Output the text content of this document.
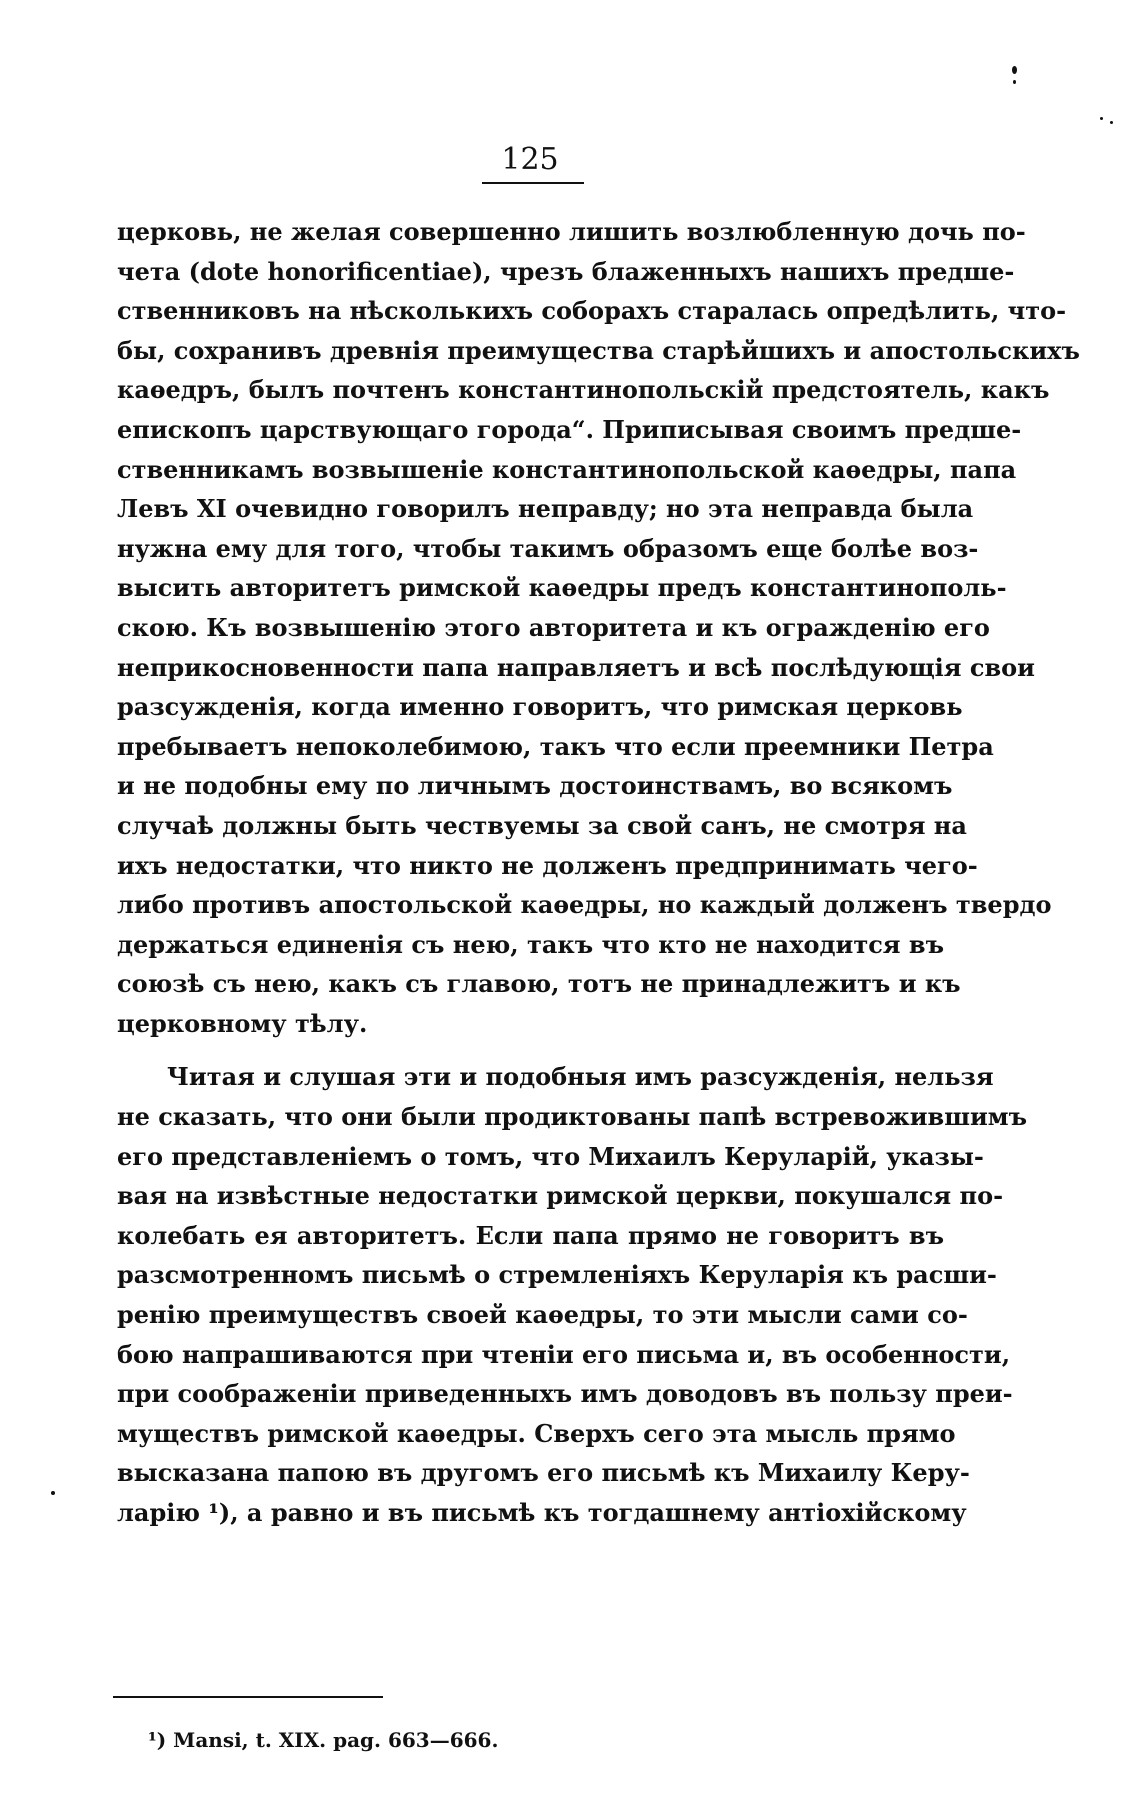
125
церковь, не желая совершенно лишить возлюбленную дочь по-
чета (dote honorificentiae), чрезъ блаженныхъ нашихъ предше-
ственниковъ на нѣсколькихъ соборахъ старалась опредѣлить, что-
бы, сохранивъ древнія преимущества старѣйшихъ и апостольскихъ
каѳедръ, былъ почтенъ константинопольскій предстоятель, какъ
епископъ царствующаго города“. Приписывая своимъ предше-
ственникамъ возвышеніе константинопольской каѳедры, папа
Левъ XI очевидно говорилъ неправду; но эта неправда была
нужна ему для того, чтобы такимъ образомъ еще болѣе воз-
высить авторитетъ римской каѳедры предъ константинополь-
скою. Къ возвышенію этого авторитета и къ огражденію его
неприкосновенности папа направляетъ и всѣ послѣдующія свои
разсужденія, когда именно говоритъ, что римская церковь
пребываетъ непоколебимою, такъ что если преемники Петра
и не подобны ему по личнымъ достоинствамъ, во всякомъ
случаѣ должны быть чествуемы за свой санъ, не смотря на
ихъ недостатки, что никто не долженъ предпринимать чего-
либо противъ апостольской каѳедры, но каждый долженъ твердо
держаться единенія съ нею, такъ что кто не находится въ
союзѣ съ нею, какъ съ главою, тотъ не принадлежитъ и къ
церковному тѣлу.
Читая и слушая эти и подобныя имъ разсужденія, нельзя
не сказать, что они были продиктованы папѣ встревожившимъ
его представленіемъ о томъ, что Михаилъ Керуларій, указы-
вая на извѣстные недостатки римской церкви, покушался по-
колебать ея авторитетъ. Если папа прямо не говоритъ въ
разсмотренномъ письмѣ о стремленіяхъ Керуларія къ расши-
ренію преимуществъ своей каѳедры, то эти мысли сами со-
бою напрашиваются при чтеніи его письма и, въ особенности,
при соображеніи приведенныхъ имъ доводовъ въ пользу преи-
муществъ римской каѳедры. Сверхъ сего эта мысль прямо
высказана папою въ другомъ его письмѣ къ Михаилу Керу-
ларію ¹), а равно и въ письмѣ къ тогдашнему антіохійскому
¹) Mansi, t. XIX. pag. 663—666.
